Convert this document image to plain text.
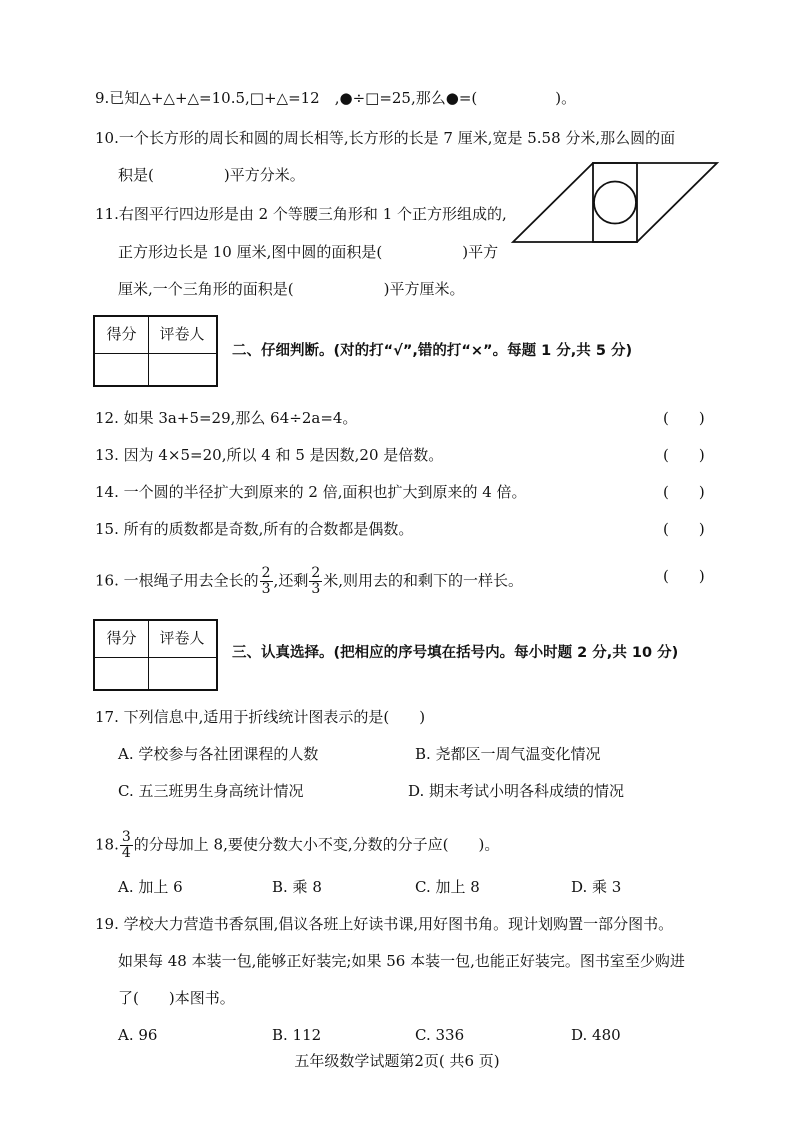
9.已知△+△+△=10.5,□+△=12　,●÷□=25,那么●=(	)。
10.一个长方形的周长和圆的周长相等,长方形的长是 7 厘米,宽是 5.58 分米,那么圆的面
积是(	)平方分米。
11.右图平行四边形是由 2 个等腰三角形和 1 个正方形组成的,
正方形边长是 10 厘米,图中圆的面积是(	)平方
厘米,一个三角形的面积是(	)平方厘米。
得分	评卷人
二、仔细判断。(对的打“√”,错的打“×”。每题 1 分,共 5 分)
12. 如果 3a+5=29,那么 64÷2a=4。	(　　)
13. 因为 4×5=20,所以 4 和 5 是因数,20 是倍数。	(　　)
14. 一个圆的半径扩大到原来的 2 倍,面积也扩大到原来的 4 倍。	(　　)
15. 所有的质数都是奇数,所有的合数都是偶数。	(　　)
16. 一根绳子用去全长的 $\frac{2}{3}$ ,还剩 $\frac{2}{3}$ 米,则用去的和剩下的一样长。	(　　)
得分	评卷人
三、认真选择。(把相应的序号填在括号内。每小时题 2 分,共 10 分)
17. 下列信息中,适用于折线统计图表示的是(　　)
A. 学校参与各社团课程的人数	B. 尧都区一周气温变化情况
C. 五三班男生身高统计情况	D. 期末考试小明各科成绩的情况
18. $\frac{3}{4}$ 的分母加上 8,要使分数大小不变,分数的分子应(　　)。
A. 加上 6	B. 乘 8	C. 加上 8	D. 乘 3
19. 学校大力营造书香氛围,倡议各班上好读书课,用好图书角。现计划购置一部分图书。
如果每 48 本装一包,能够正好装完;如果 56 本装一包,也能正好装完。图书室至少购进
了(　　)本图书。
A. 96	B. 112	C. 336	D. 480
五年级数学试题第2页( 共6 页)
